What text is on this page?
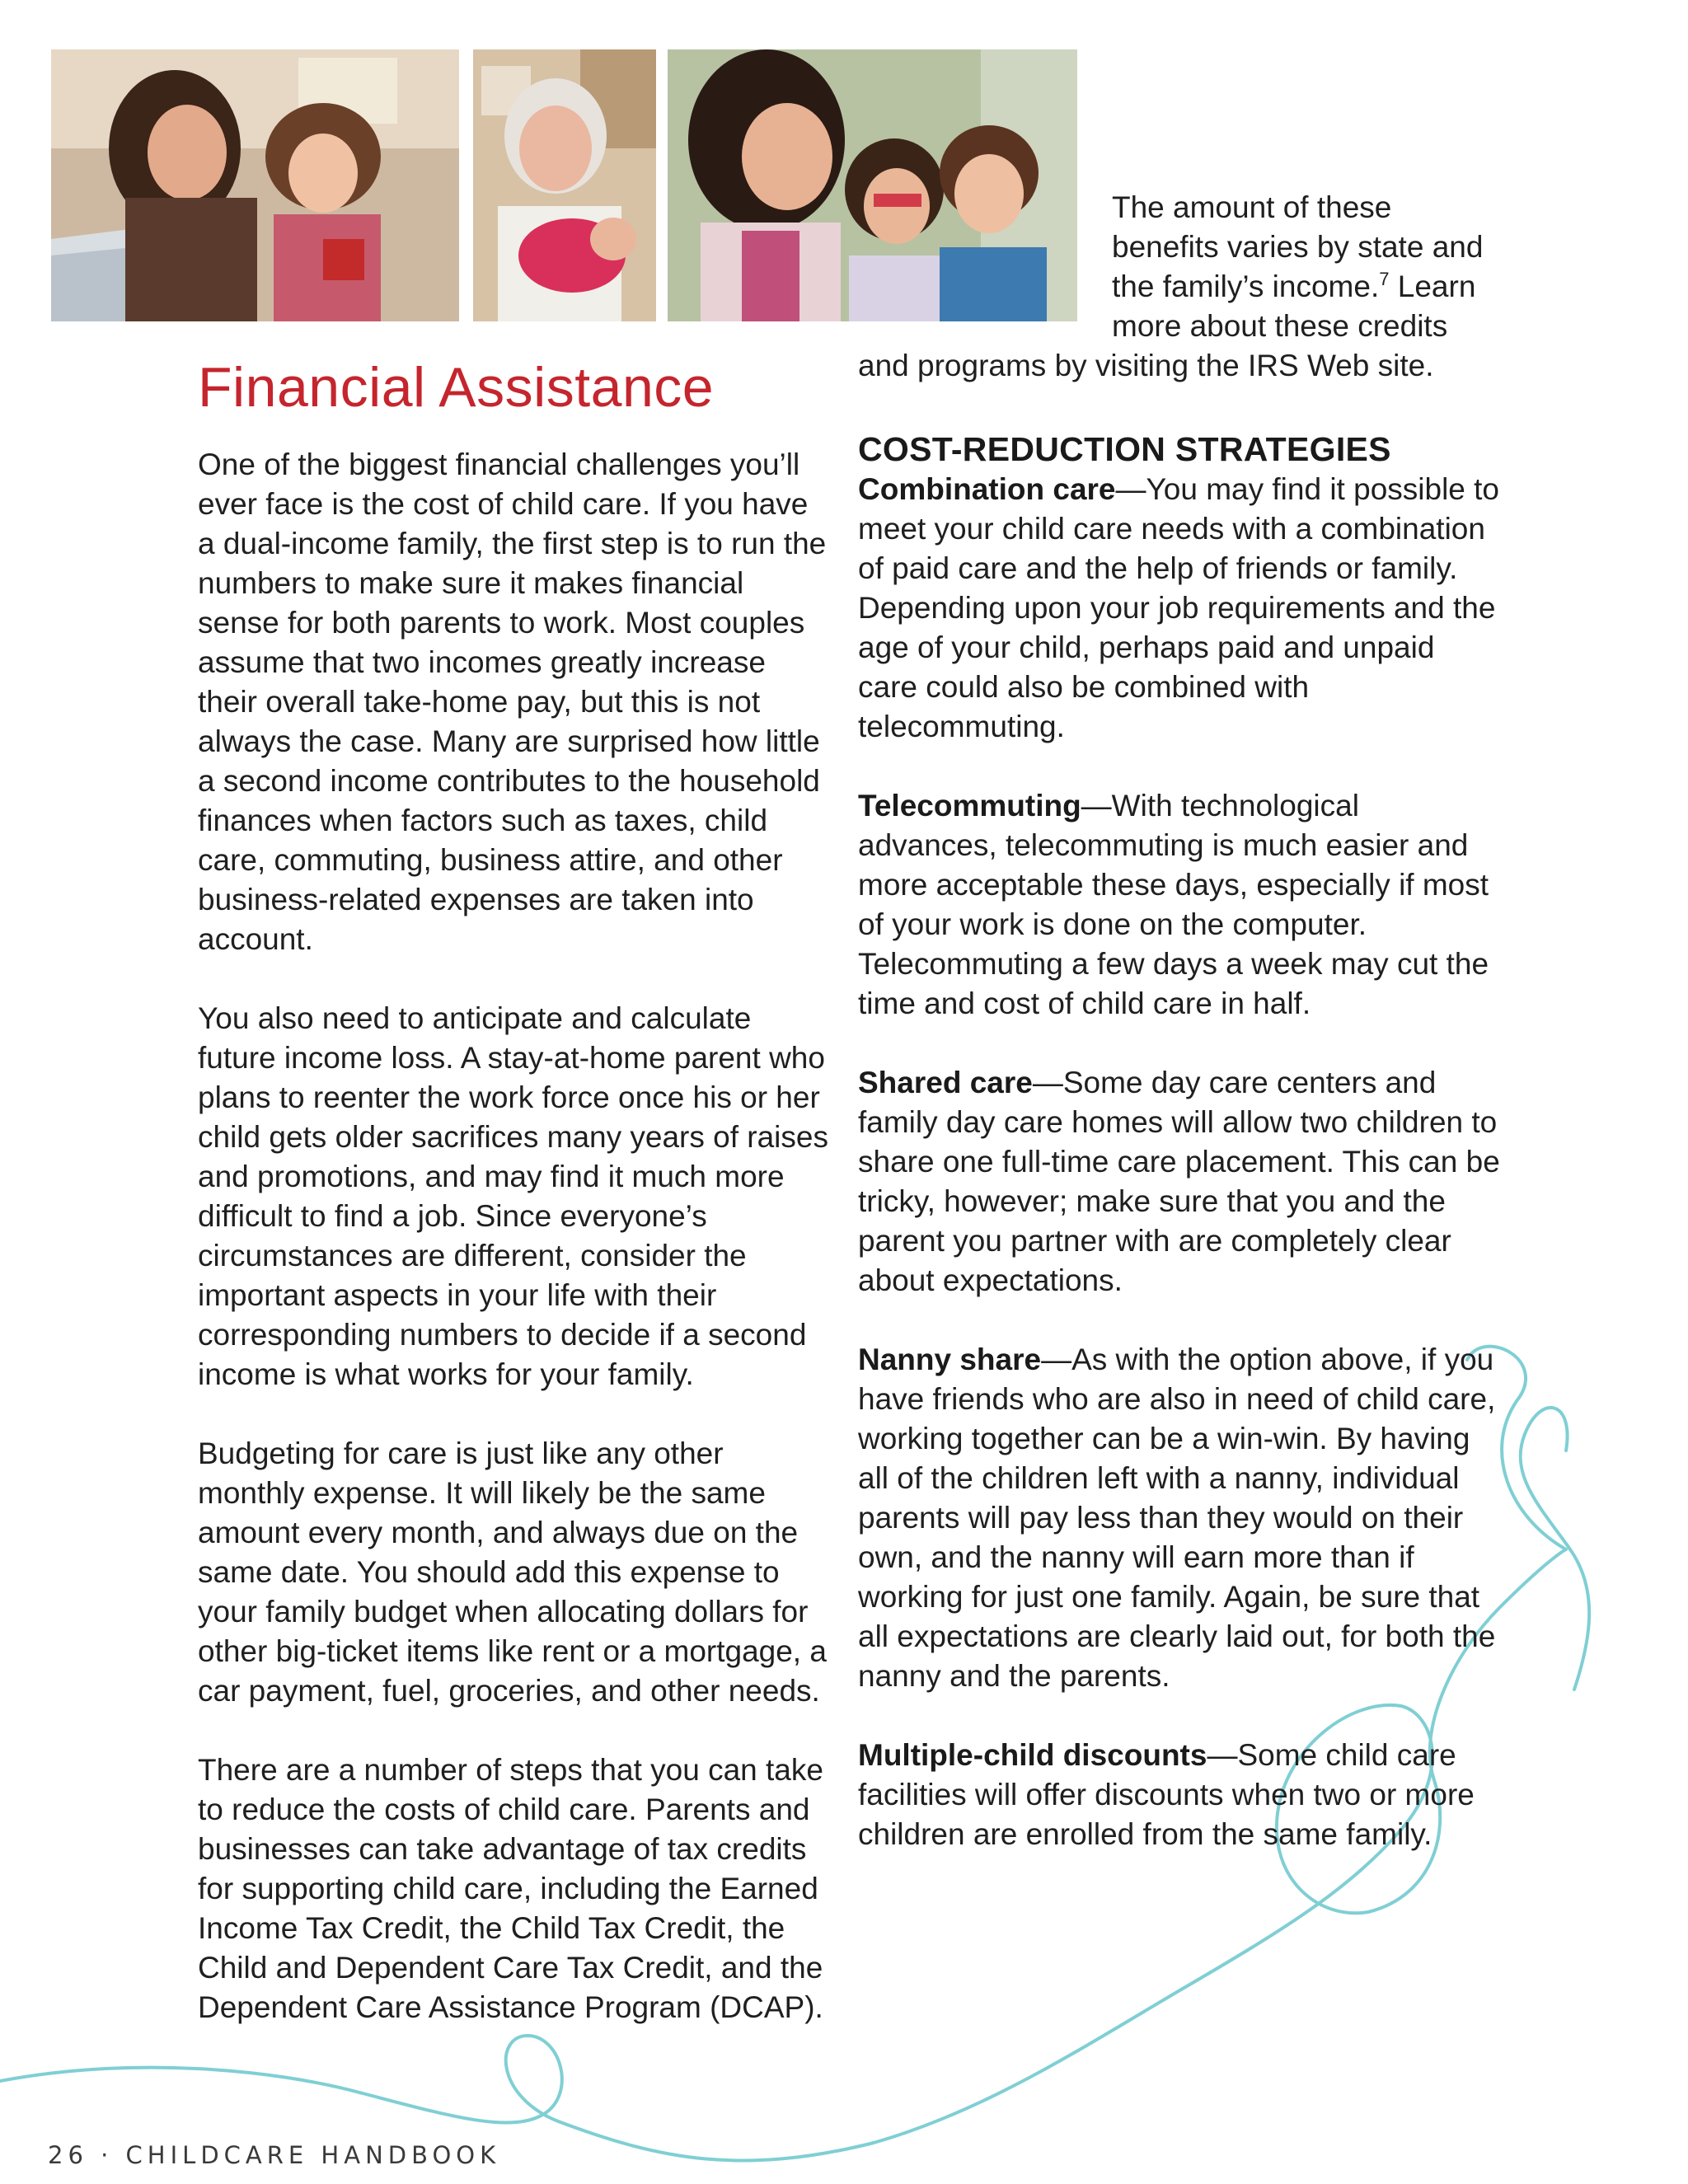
Financial Assistance

One of the biggest financial challenges you’ll ever face is the cost of child care. If you have a dual-income family, the first step is to run the numbers to make sure it makes financial sense for both parents to work. Most couples assume that two incomes greatly increase their overall take-home pay, but this is not always the case. Many are surprised how little a second income contributes to the household finances when factors such as taxes, child care, commuting, business attire, and other business-related expenses are taken into account.

You also need to anticipate and calculate future income loss. A stay-at-home parent who plans to reenter the work force once his or her child gets older sacrifices many years of raises and promotions, and may find it much more difficult to find a job. Since everyone’s circumstances are different, consider the important aspects in your life with their corresponding numbers to decide if a second income is what works for your family.

Budgeting for care is just like any other monthly expense. It will likely be the same amount every month, and always due on the same date. You should add this expense to your family budget when allocating dollars for other big-ticket items like rent or a mortgage, a car payment, fuel, groceries, and other needs.

There are a number of steps that you can take to reduce the costs of child care. Parents and businesses can take advantage of tax credits for supporting child care, including the Earned Income Tax Credit, the Child Tax Credit, the Child and Dependent Care Tax Credit, and the Dependent Care Assistance Program (DCAP).

The amount of these
benefits varies by state and
the family’s income.$^7$ Learn
more about these credits
and programs by visiting the IRS Web site.
COST-REDUCTION STRATEGIES

Combination care—You may find it possible to meet your child care needs with a combination of paid care and the help of friends or family. Depending upon your job requirements and the age of your child, perhaps paid and unpaid care could also be combined with telecommuting.

Telecommuting—With technological advances, telecommuting is much easier and more acceptable these days, especially if most of your work is done on the computer. Telecommuting a few days a week may cut the time and cost of child care in half.

Shared care—Some day care centers and family day care homes will allow two children to share one full-time care placement. This can be tricky, however; make sure that you and the parent you partner with are completely clear about expectations.

Nanny share—As with the option above, if you have friends who are also in need of child care, working together can be a win-win. By having all of the children left with a nanny, individual parents will pay less than they would on their own, and the nanny will earn more than if working for just one family. Again, be sure that all expectations are clearly laid out, for both the nanny and the parents.

Multiple-child discounts—Some child care facilities will offer discounts when two or more children are enrolled from the same family.

26 · CHILDCARE HANDBOOK
